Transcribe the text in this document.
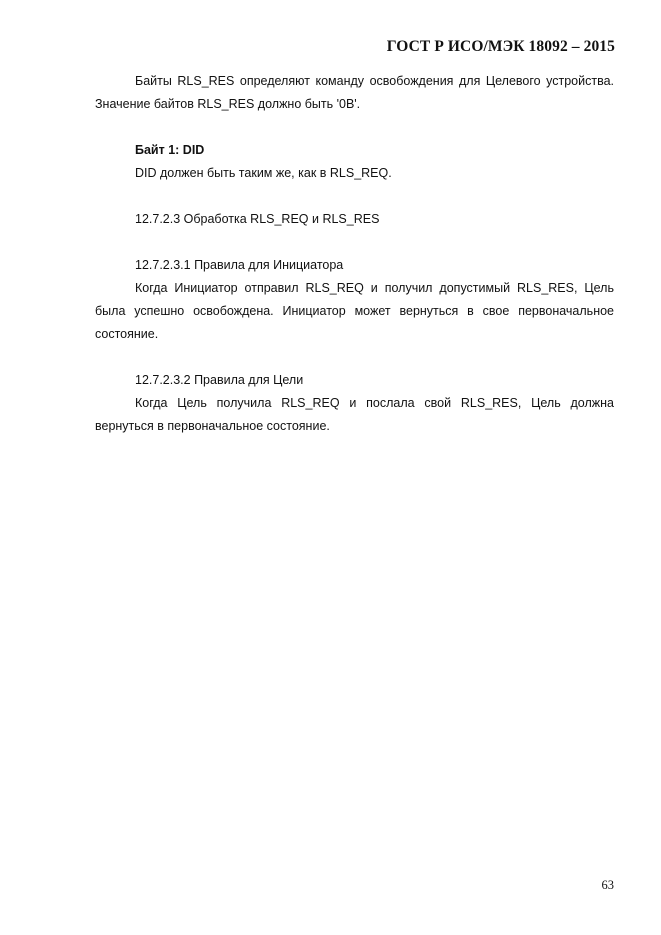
ГОСТ Р ИСО/МЭК 18092 – 2015

Байты RLS_RES определяют команду освобождения для Целевого устройства. Значение байтов RLS_RES должно быть '0B'.

Байт 1: DID

DID должен быть таким же, как в RLS_REQ.

12.7.2.3 Обработка RLS_REQ и RLS_RES

12.7.2.3.1 Правила для Инициатора

Когда Инициатор отправил RLS_REQ и получил допустимый RLS_RES, Цель была успешно освобождена. Инициатор может вернуться в свое первоначальное состояние.

12.7.2.3.2 Правила для Цели

Когда Цель получила RLS_REQ и послала свой RLS_RES, Цель должна вернуться в первоначальное состояние.

63
